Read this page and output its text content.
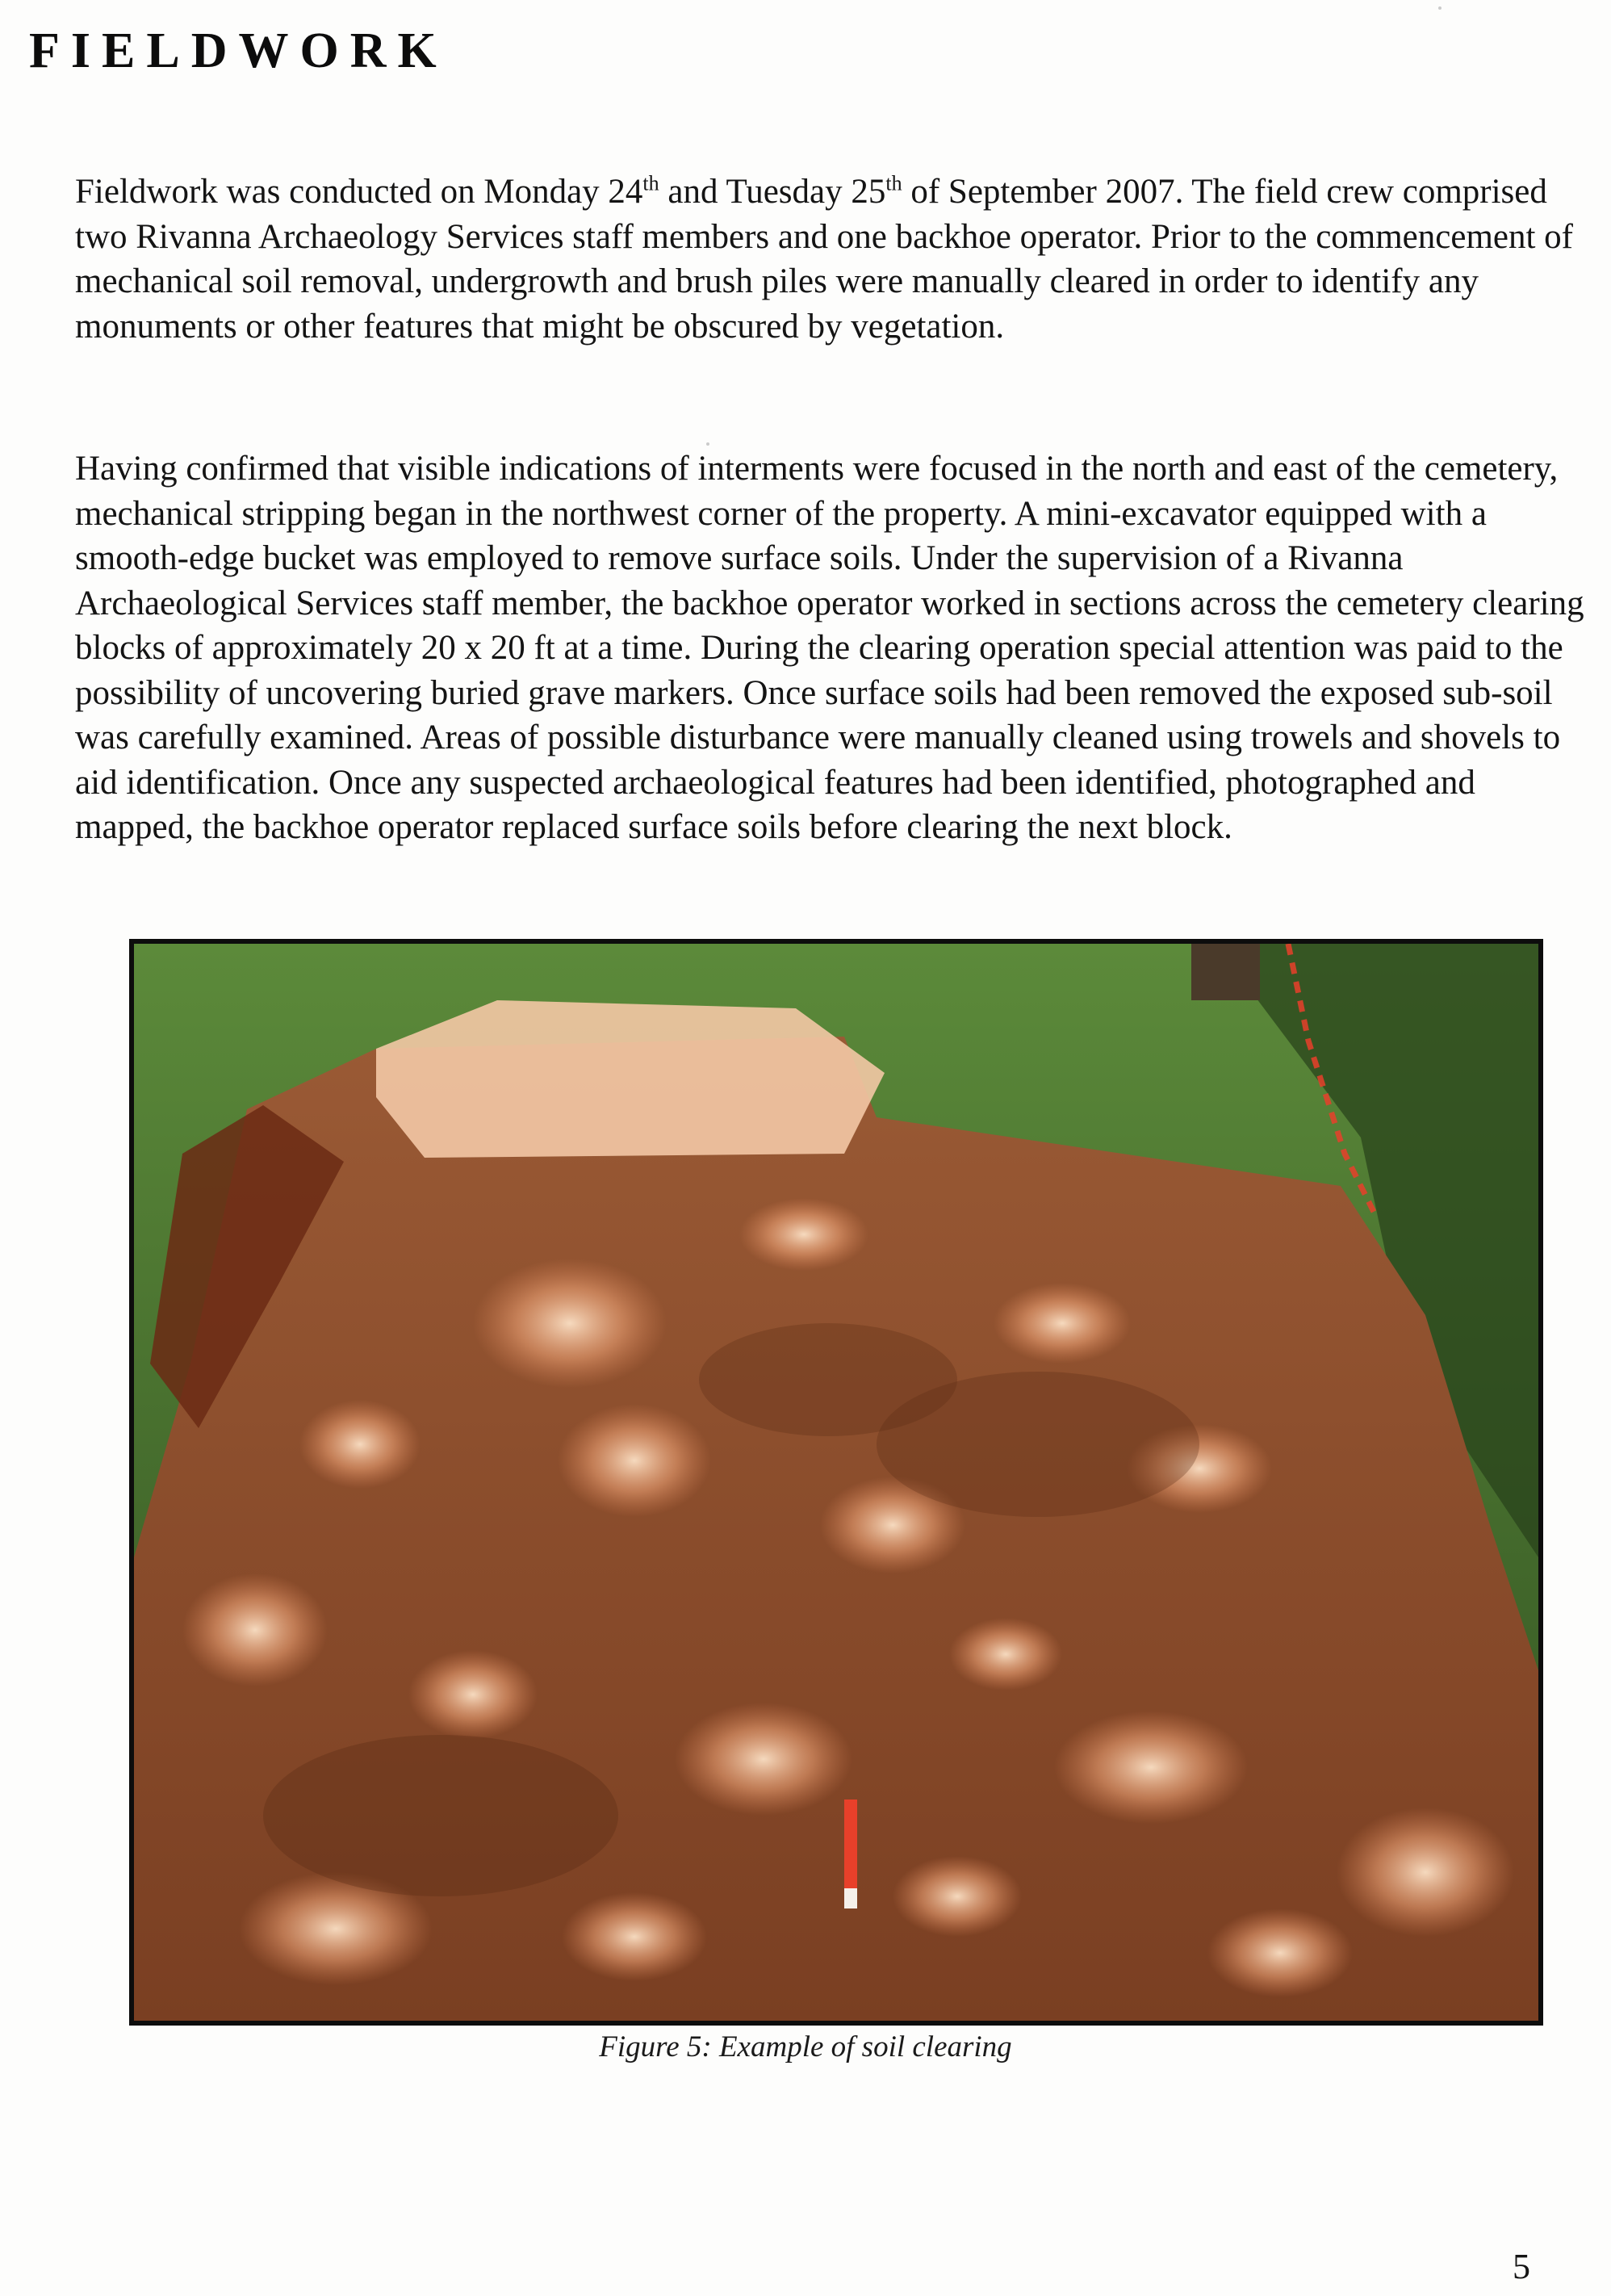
FIELDWORK

Fieldwork was conducted on Monday 24th and Tuesday 25th of September 2007. The field crew comprised two Rivanna Archaeology Services staff members and one backhoe operator. Prior to the commencement of mechanical soil removal, undergrowth and brush piles were manually cleared in order to identify any monuments or other features that might be obscured by vegetation.

Having confirmed that visible indications of interments were focused in the north and east of the cemetery, mechanical stripping began in the northwest corner of the property. A mini-excavator equipped with a smooth-edge bucket was employed to remove surface soils. Under the supervision of a Rivanna Archaeological Services staff member, the backhoe operator worked in sections across the cemetery clearing blocks of approximately 20 x 20 ft at a time. During the clearing operation special attention was paid to the possibility of uncovering buried grave markers. Once surface soils had been removed the exposed sub-soil was carefully examined. Areas of possible disturbance were manually cleaned using trowels and shovels to aid identification. Once any suspected archaeological features had been identified, photographed and mapped, the backhoe operator replaced surface soils before clearing the next block.

Figure 5: Example of soil clearing

5
